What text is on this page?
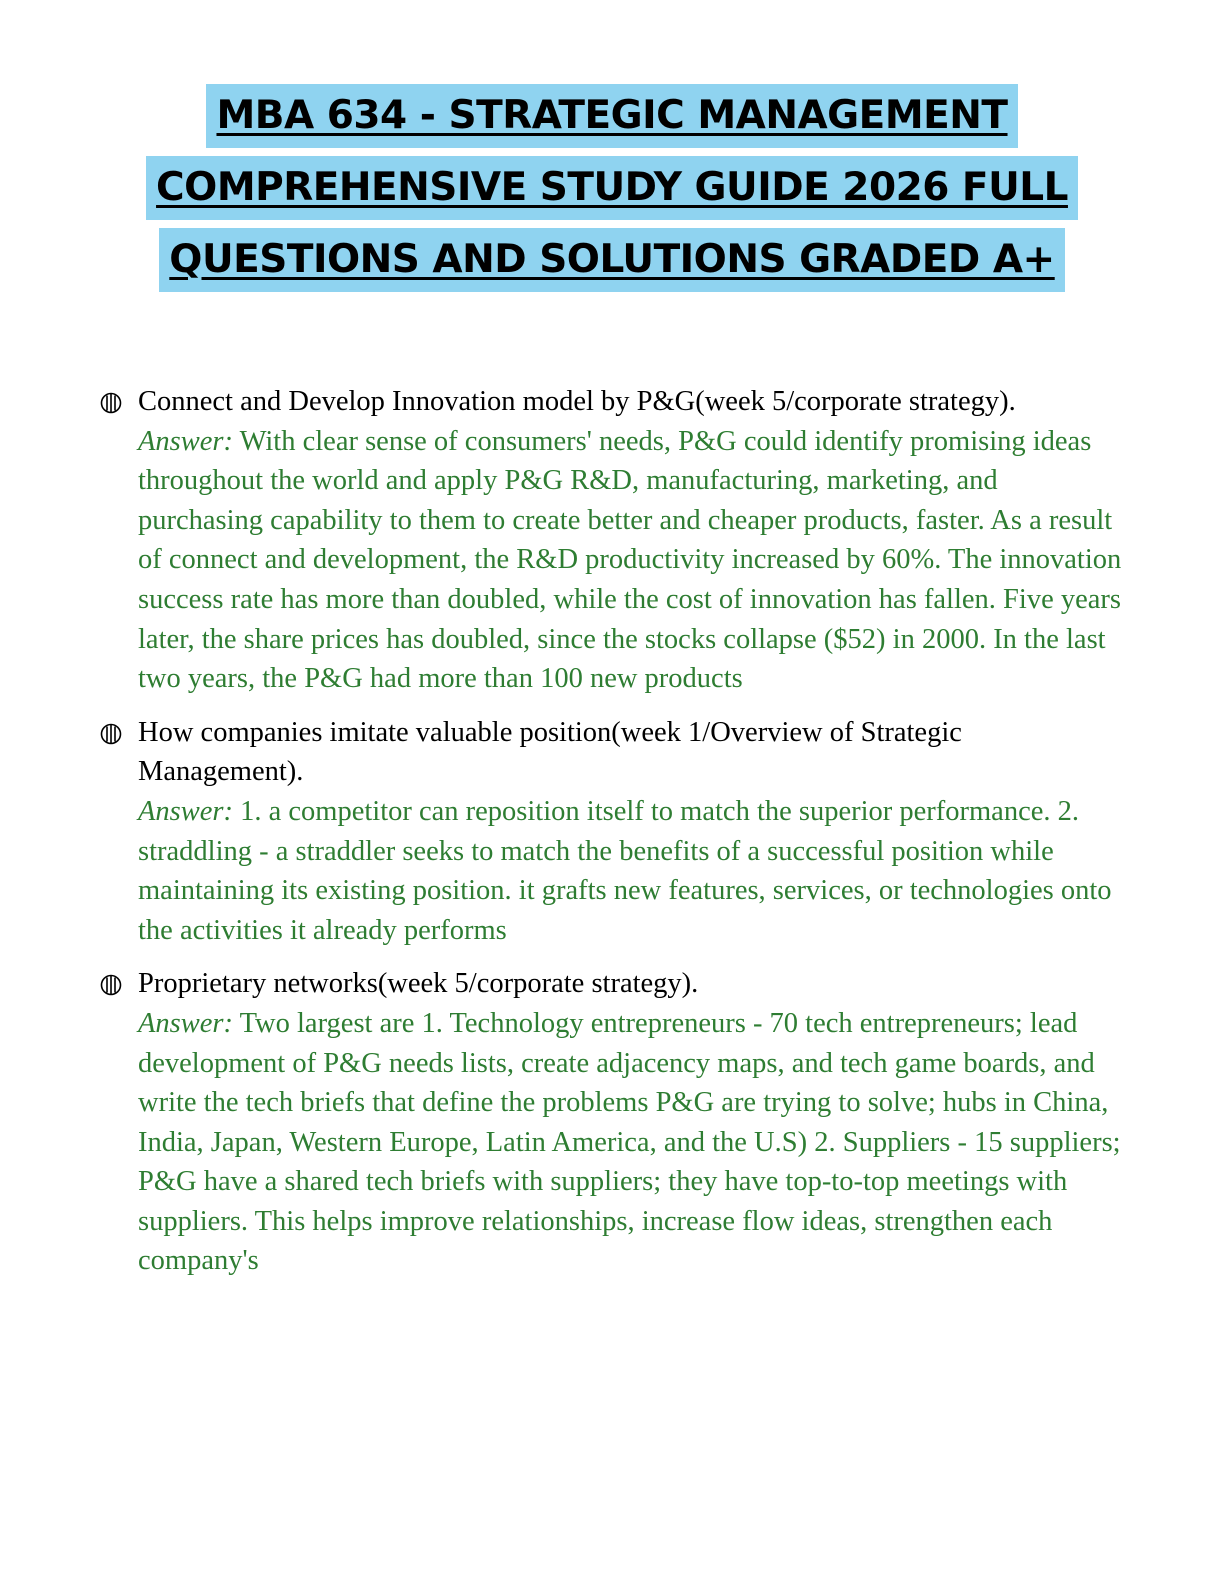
MBA 634 - STRATEGIC MANAGEMENT
COMPREHENSIVE STUDY GUIDE 2026 FULL
QUESTIONS AND SOLUTIONS GRADED A+
Connect and Develop Innovation model by P&G(week 5/corporate strategy).
Answer: With clear sense of consumers' needs, P&G could identify promising ideas throughout the world and apply P&G R&D, manufacturing, marketing, and purchasing capability to them to create better and cheaper products, faster. As a result of connect and development, the R&D productivity increased by 60%. The innovation success rate has more than doubled, while the cost of innovation has fallen. Five years later, the share prices has doubled, since the stocks collapse ($52) in 2000. In the last two years, the P&G had more than 100 new products
How companies imitate valuable position(week 1/Overview of Strategic Management).
Answer: 1. a competitor can reposition itself to match the superior performance. 2. straddling - a straddler seeks to match the benefits of a successful position while maintaining its existing position. it grafts new features, services, or technologies onto the activities it already performs
Proprietary networks(week 5/corporate strategy).
Answer: Two largest are 1. Technology entrepreneurs - 70 tech entrepreneurs; lead development of P&G needs lists, create adjacency maps, and tech game boards, and write the tech briefs that define the problems P&G are trying to solve; hubs in China, India, Japan, Western Europe, Latin America, and the U.S) 2. Suppliers - 15 suppliers; P&G have a shared tech briefs with suppliers; they have top-to-top meetings with suppliers. This helps improve relationships, increase flow ideas, strengthen each company's
